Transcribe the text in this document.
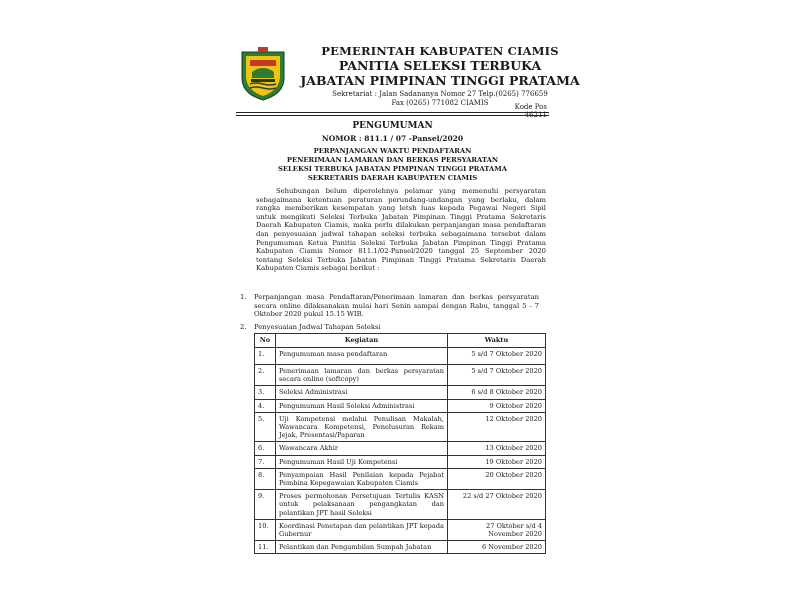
PEMERINTAH KABUPATEN CIAMIS
PANITIA SELEKSI TERBUKA
JABATAN PIMPINAN TINGGI PRATAMA
Sekretariat : Jalan Sadananya Nomor 27 Telp.(0265) 776659
Fax (0265) 771082 CIAMIS	Kode Pos 46211
PENGUMUMAN
NOMOR : 811.1 / 07 -Pansel/2020
PERPANJANGAN WAKTU PENDAFTARAN
PENERIMAAN LAMARAN DAN BERKAS PERSYARATAN
SELEKSI TERBUKA JABATAN PIMPINAN TINGGI PRATAMA
SEKRETARIS DAERAH KABUPATEN CIAMIS
Sehubungan belum diperolehnya pelamar yang memenuhi persyaratan sebagaimana ketentuan peraturan perundang-undangan yang berlaku, dalam rangka memberikan kesempatan yang letsh luas kepada Pegawai Negeri Sipil untuk mengikuti Seleksi Terbuka Jabatan Pimpinan Tinggi Pratama Sekretaris Daerah Kabupaten Ciamis, maka perlu dilakukan perpanjangan masa pendaftaran dan penyesuaian jadwal tahapan seleksi terbuka sebagaimana tersebut dalam Pengumuman Ketua Panitia Seleksi Terbuka Jabatan Pimpinan Tinggi Pratama Kabupaten Ciamis Nomor 811.1/02-Pansel/2020 tanggal 25 September 2020 tentang Seleksi Terbuka Jabatan Pimpinan Tinggi Pratama Sekretaris Daerah Kabupaten Ciamis sebagai berikut :
1. Perpanjangan masa Pendaftaran/Penerimaan lamaran dan berkas persyaratan secara online dilaksanakan mulai hari Senin sampai dengan Rabu, tanggal 5 - 7 Oktober 2020 pukul 15.15 WIB.
2. Penyesuaian Jadwal Tahapan Seleksi
No	Kegiatan	Waktu
1.	Pengumuman masa pendaftaran	5 s/d 7 Oktober 2020
2.	Penerimaan lamaran dan berkas persyaratan secara online (softcopy)	5 s/d 7 Oktober 2020
3.	Seleksi Administrasi	6 s/d 8 Oktober 2020
4.	Pengumuman Hasil Seleksi Administrasi	9 Oktober 2020
5.	Uji Kompetensi melalui Penulisan Makalah, Wawancara Kompetensi, Penelusuran Rekam Jejak, Presentasi/Paparan	12 Oktober 2020
6.	Wawancara Akhir	13 Oktober 2020
7.	Pengumuman Hasil Uji Kompetensi	19 Oktober 2020
8.	Penyampaian Hasil Penilaian kepada Pejabat Pembina Kepegawaian Kabupaten Ciamis	20 Oktober 2020
9.	Proses permohonan Persetujuan Tertulis KASN untuk pelaksanaan pengangkatan dan pelantikan JPT hasil Seleksi	22 s/d 27 Oktober 2020
10.	Koordinasi Penetapan dan pelantikan JPT kepada Gubernur	27 Oktober s/d 4 November 2020
11.	Pelantikan dan Pengambilan Sumpah Jabatan	6 November 2020
